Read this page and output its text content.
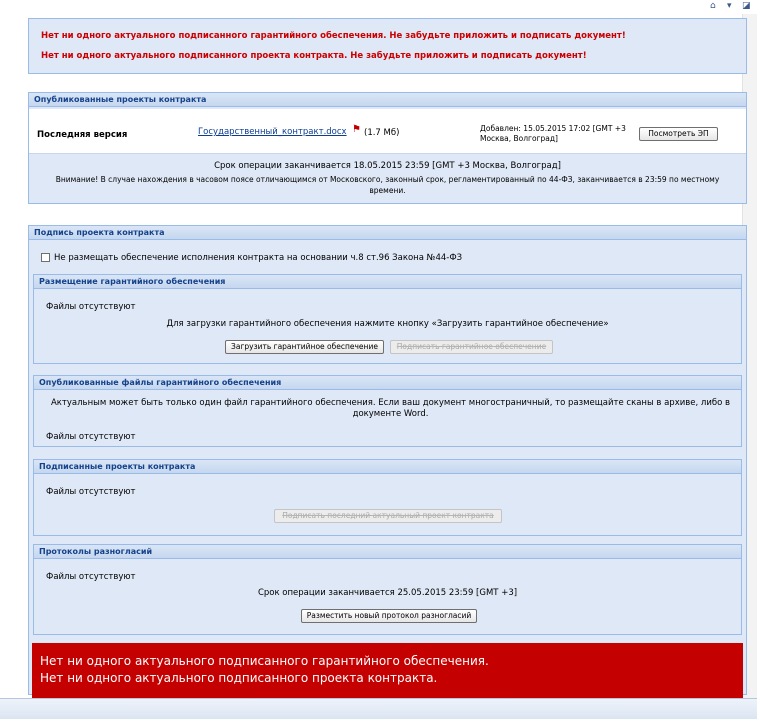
⌂ ▾ ◪
Нет ни одного актуального подписанного гарантийного обеспечения. Не забудьте приложить и подписать документ!
Нет ни одного актуального подписанного проекта контракта. Не забудьте приложить и подписать документ!
Опубликованные проекты контракта
Последняя версия	Государственный_контракт.docx ⚑ (1.7 Мб)	Добавлен: 15.05.2015 17:02 [GMT +3
Москва, Волгоград]
Посмотреть ЭП
Срок операции заканчивается 18.05.2015 23:59 [GMT +3 Москва, Волгоград]
Внимание! В случае нахождения в часовом поясе отличающимся от Московского, законный срок, регламентированный по 44-ФЗ, заканчивается в 23:59 по местному времени.
Подпись проекта контракта
Не размещать обеспечение исполнения контракта на основании ч.8 ст.96 Закона №44-ФЗ
Размещение гарантийного обеспечения
Файлы отсутствуют
Для загрузки гарантийного обеспечения нажмите кнопку «Загрузить гарантийное обеспечение»
Загрузить гарантийное обеспечение	Подписать гарантийное обеспечение
Опубликованные файлы гарантийного обеспечения
Актуальным может быть только один файл гарантийного обеспечения. Если ваш документ многостраничный, то размещайте сканы в архиве, либо в документе Word.
Файлы отсутствуют
Подписанные проекты контракта
Файлы отсутствуют
Подписать последний актуальный проект контракта
Протоколы разногласий
Файлы отсутствуют
Срок операции заканчивается 25.05.2015 23:59 [GMT +3]
Разместить новый протокол разногласий
Нет ни одного актуального подписанного гарантийного обеспечения.
Нет ни одного актуального подписанного проекта контракта.
